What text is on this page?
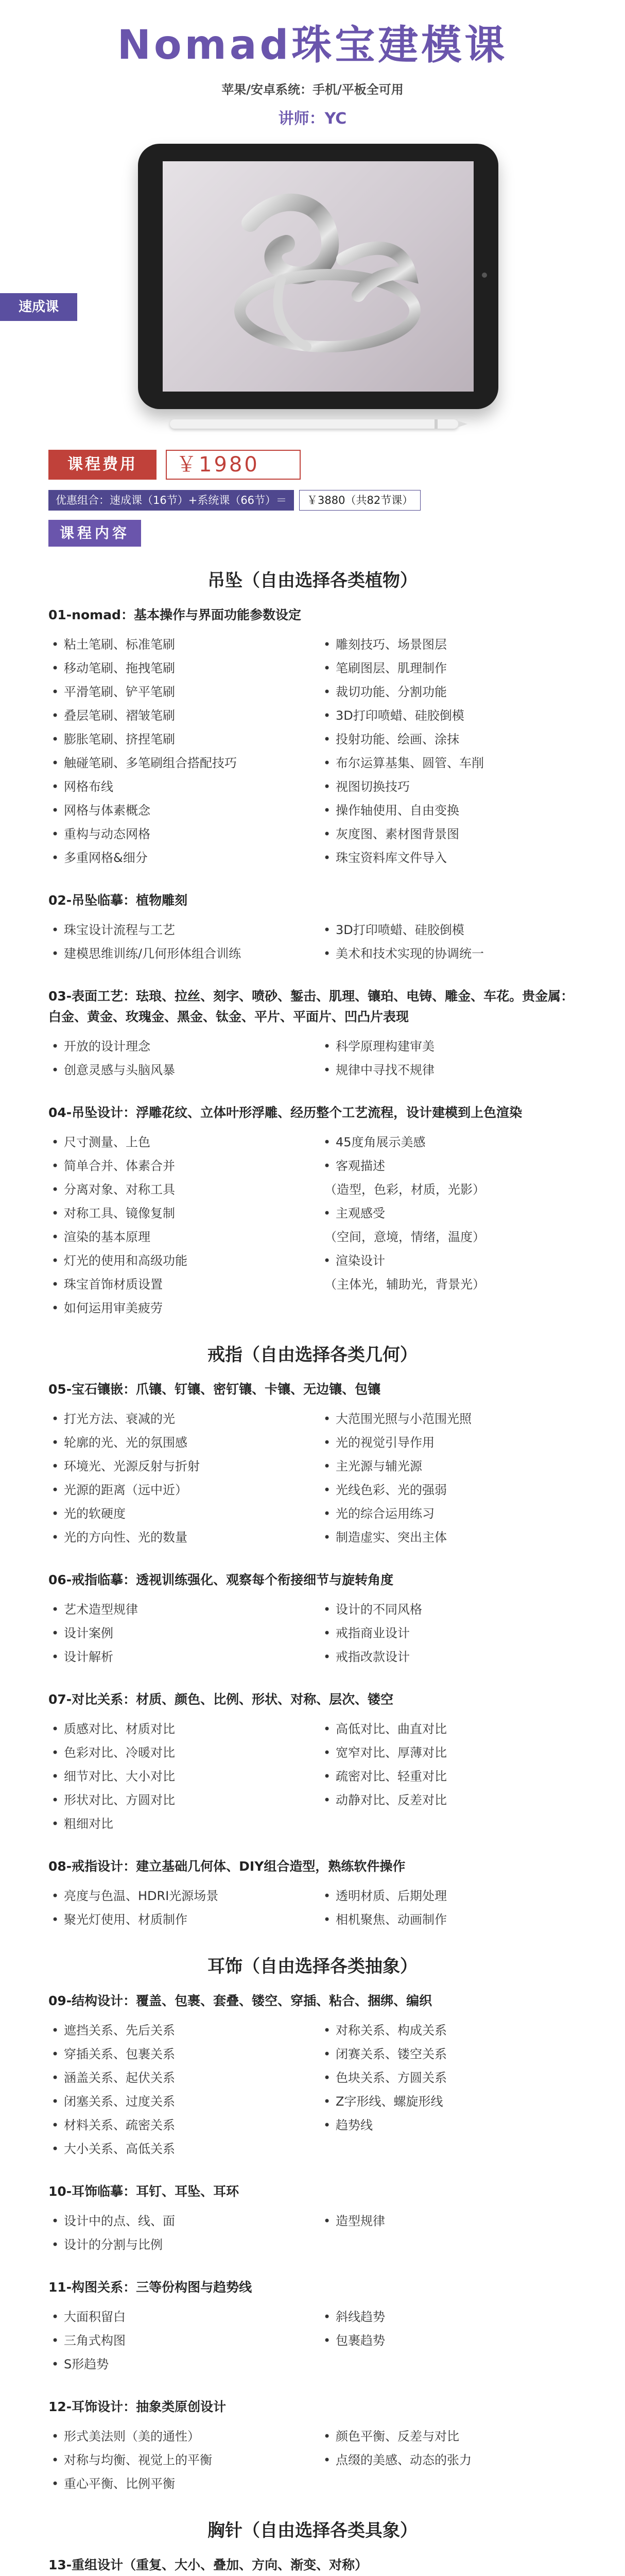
Nomad珠宝建模课
苹果/安卓系统：手机/平板全可用
讲师：YC
速成课
课程费用	￥1980
优惠组合：速成课（16节）+系统课（66节）＝	￥3880（共82节课）
课程内容
吊坠（自由选择各类植物）
01-nomad：基本操作与界面功能参数设定
• 粘土笔刷、标准笔刷	• 雕刻技巧、场景图层
• 移动笔刷、拖拽笔刷	• 笔刷图层、肌理制作
• 平滑笔刷、铲平笔刷	• 裁切功能、分割功能
• 叠层笔刷、褶皱笔刷	• 3D打印喷蜡、硅胶倒模
• 膨胀笔刷、挤捏笔刷	• 投射功能、绘画、涂抹
• 触碰笔刷、多笔刷组合搭配技巧	• 布尔运算基集、圆管、车削
• 网格布线	• 视图切换技巧
• 网格与体素概念	• 操作轴使用、自由变换
• 重构与动态网格	• 灰度图、素材图背景图
• 多重网格&细分	• 珠宝资料库文件导入
02-吊坠临摹：植物雕刻
• 珠宝设计流程与工艺	• 3D打印喷蜡、硅胶倒模
• 建模思维训练/几何形体组合训练	• 美术和技术实现的协调统一
03-表面工艺：珐琅、拉丝、刻字、喷砂、錾击、肌理、镶珀、电铸、雕金、车花。贵金属：白金、黄金、玫瑰金、黑金、钛金、平片、平面片、凹凸片表现
• 开放的设计理念	• 科学原理构建审美
• 创意灵感与头脑风暴	• 规律中寻找不规律
04-吊坠设计：浮雕花纹、立体叶形浮雕、经历整个工艺流程，设计建模到上色渲染
• 尺寸测量、上色	• 45度角展示美感
• 简单合并、体素合并	• 客观描述
• 分离对象、对称工具	（造型，色彩，材质，光影）
• 对称工具、镜像复制	• 主观感受
• 渲染的基本原理	（空间，意境，情绪，温度）
• 灯光的使用和高级功能	• 渲染设计
• 珠宝首饰材质设置	（主体光，辅助光，背景光）
• 如何运用审美疲劳
戒指（自由选择各类几何）
05-宝石镶嵌：爪镶、钉镶、密钉镶、卡镶、无边镶、包镶
• 打光方法、衰减的光	• 大范围光照与小范围光照
• 轮廓的光、光的氛围感	• 光的视觉引导作用
• 环境光、光源反射与折射	• 主光源与辅光源
• 光源的距离（远中近）	• 光线色彩、光的强弱
• 光的软硬度	• 光的综合运用练习
• 光的方向性、光的数量	• 制造虚实、突出主体
06-戒指临摹：透视训练强化、观察每个衔接细节与旋转角度
• 艺术造型规律	• 设计的不同风格
• 设计案例	• 戒指商业设计
• 设计解析	• 戒指改款设计
07-对比关系：材质、颜色、比例、形状、对称、层次、镂空
• 质感对比、材质对比	• 高低对比、曲直对比
• 色彩对比、冷暖对比	• 宽窄对比、厚薄对比
• 细节对比、大小对比	• 疏密对比、轻重对比
• 形状对比、方圆对比	• 动静对比、反差对比
• 粗细对比
08-戒指设计：建立基础几何体、DIY组合造型，熟练软件操作
• 亮度与色温、HDRI光源场景	• 透明材质、后期处理
• 聚光灯使用、材质制作	• 相机聚焦、动画制作
耳饰（自由选择各类抽象）
09-结构设计：覆盖、包裹、套叠、镂空、穿插、粘合、捆绑、编织
• 遮挡关系、先后关系	• 对称关系、构成关系
• 穿插关系、包裹关系	• 闭赛关系、镂空关系
• 涵盖关系、起伏关系	• 色块关系、方圆关系
• 闭塞关系、过度关系	• Z字形线、螺旋形线
• 材料关系、疏密关系	• 趋势线
• 大小关系、高低关系
10-耳饰临摹：耳钉、耳坠、耳环
• 设计中的点、线、面	• 造型规律
• 设计的分割与比例
11-构图关系：三等份构图与趋势线
• 大面积留白	• 斜线趋势
• 三角式构图	• 包裹趋势
• S形趋势
12-耳饰设计：抽象类原创设计
• 形式美法则（美的通性）	• 颜色平衡、反差与对比
• 对称与均衡、视觉上的平衡	• 点缀的美感、动态的张力
• 重心平衡、比例平衡
胸针（自由选择各类具象）
13-重组设计（重复、大小、叠加、方向、渐变、对称）
